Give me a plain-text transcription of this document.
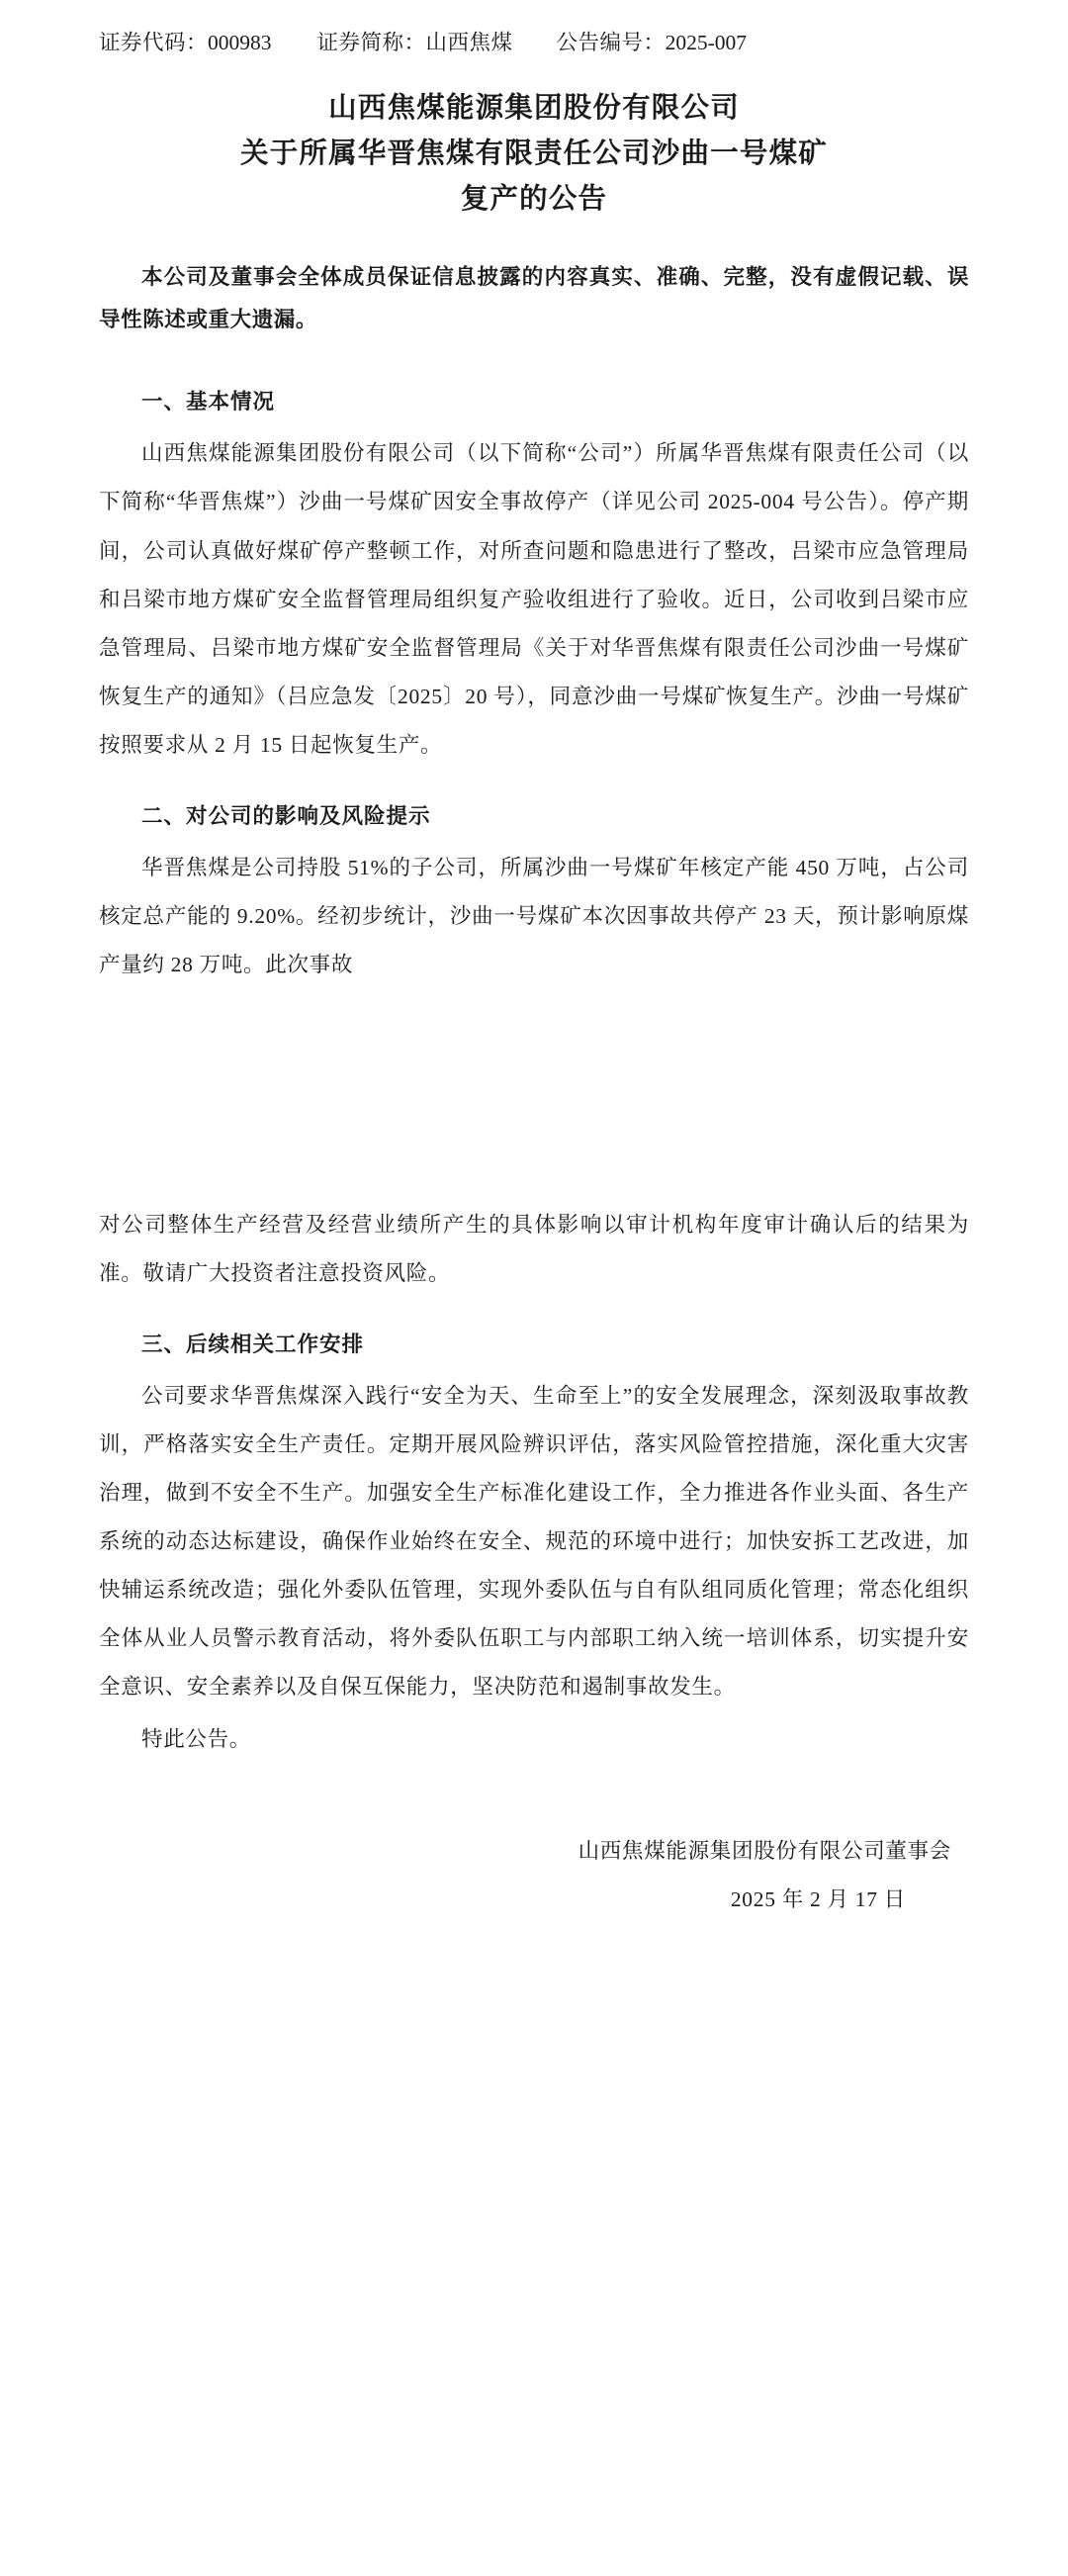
证券代码： 000983 证券简称： 山西焦煤 公告编号： 2025-007
山西焦煤能源集团股份有限公司
关于所属华晋焦煤有限责任公司沙曲一号煤矿
复产的公告

本公司及董事会全体成员保证信息披露的内容真实、准确、完整，没有虚假记载、误导性陈述或重大遗漏。

一、基本情况

山西焦煤能源集团股份有限公司（以下简称“公司”）所属华晋焦煤有限责任公司（以下简称“华晋焦煤”）沙曲一号煤矿因安全事故停产（详见公司 2025-004 号公告）。停产期间，公司认真做好煤矿停产整顿工作，对所查问题和隐患进行了整改，吕梁市应急管理局和吕梁市地方煤矿安全监督管理局组织复产验收组进行了验收。近日，公司收到吕梁市应急管理局、吕梁市地方煤矿安全监督管理局《关于对华晋焦煤有限责任公司沙曲一号煤矿恢复生产的通知》（吕应急发〔2025〕20 号），同意沙曲一号煤矿恢复生产。沙曲一号煤矿按照要求从 2 月 15 日起恢复生产。

二、对公司的影响及风险提示

华晋焦煤是公司持股 51%的子公司，所属沙曲一号煤矿年核定产能 450 万吨，占公司核定总产能的 9.20%。经初步统计，沙曲一号煤矿本次因事故共停产 23 天，预计影响原煤产量约 28 万吨。此次事故

对公司整体生产经营及经营业绩所产生的具体影响以审计机构年度审计确认后的结果为准。敬请广大投资者注意投资风险。

三、后续相关工作安排

公司要求华晋焦煤深入践行“安全为天、生命至上”的安全发展理念，深刻汲取事故教训，严格落实安全生产责任。定期开展风险辨识评估，落实风险管控措施，深化重大灾害治理，做到不安全不生产。加强安全生产标准化建设工作，全力推进各作业头面、各生产系统的动态达标建设，确保作业始终在安全、规范的环境中进行；加快安拆工艺改进，加快辅运系统改造；强化外委队伍管理，实现外委队伍与自有队组同质化管理；常态化组织全体从业人员警示教育活动，将外委队伍职工与内部职工纳入统一培训体系，切实提升安全意识、安全素养以及自保互保能力，坚决防范和遏制事故发生。

特此公告。

山西焦煤能源集团股份有限公司董事会
2025 年 2 月 17 日
